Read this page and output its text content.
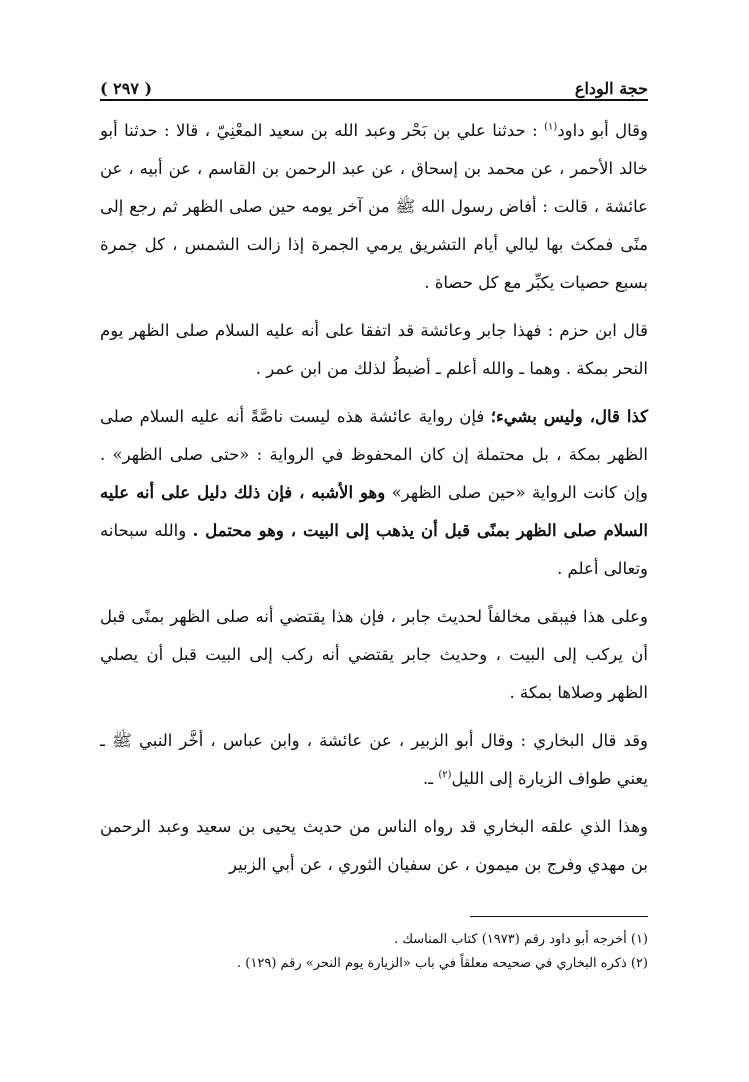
حجة الوداع
( ٢٩٧ )

وقال أبو داود$^{(١)}$ : حدثنا علي بن بَحْر وعبد الله بن سعيد المعْنِيّ ، قالا : حدثنا أبو خالد الأحمر ، عن محمد بن إسحاق ، عن عبد الرحمن بن القاسم ، عن أبيه ، عن عائشة ، قالت : أفاض رسول الله ﷺ من آخر يومه حين صلى الظهر ثم رجع إلى منًى فمكث بها ليالي أيام التشريق يرمي الجمرة إذا زالت الشمس ، كل جمرة بسبع حصيات يكبِّر مع كل حصاة .

قال ابن حزم : فهذا جابر وعائشة قد اتفقا على أنه عليه السلام صلى الظهر يوم النحر بمكة . وهما ـ والله أعلم ـ أضبطُ لذلك من ابن عمر .

كذا قال، وليس بشيء؛ فإن رواية عائشة هذه ليست ناصَّةً أنه عليه السلام صلى الظهر بمكة ، بل محتملة إن كان المحفوظ في الرواية : «حتى صلى الظهر» . وإن كانت الرواية «حين صلى الظهر» وهو الأشبه ، فإن ذلك دليل على أنه عليه السلام صلى الظهر بمنًى قبل أن يذهب إلى البيت ، وهو محتمل . والله سبحانه وتعالى أعلم .

وعلى هذا فيبقى مخالفاً لحديث جابر ، فإن هذا يقتضي أنه صلى الظهر بمنًى قبل أن يركب إلى البيت ، وحديث جابر يقتضي أنه ركب إلى البيت قبل أن يصلي الظهر وصلاها بمكة .

وقد قال البخاري : وقال أبو الزبير ، عن عائشة ، وابن عباس ، أخَّر النبي ﷺ ـ يعني طواف الزيارة إلى الليل$^{(٢)}$ ـ.

وهذا الذي علقه البخاري قد رواه الناس من حديث يحيى بن سعيد وعبد الرحمن بن مهدي وفرج بن ميمون ، عن سفيان الثوري ، عن أبي الزبير

(١) أخرجه أبو داود رقم (١٩٧٣) كتاب المناسك .

(٢) ذكره البخاري في صحيحه معلقاً في باب «الزيارة يوم النحر» رقم (١٢٩) .
